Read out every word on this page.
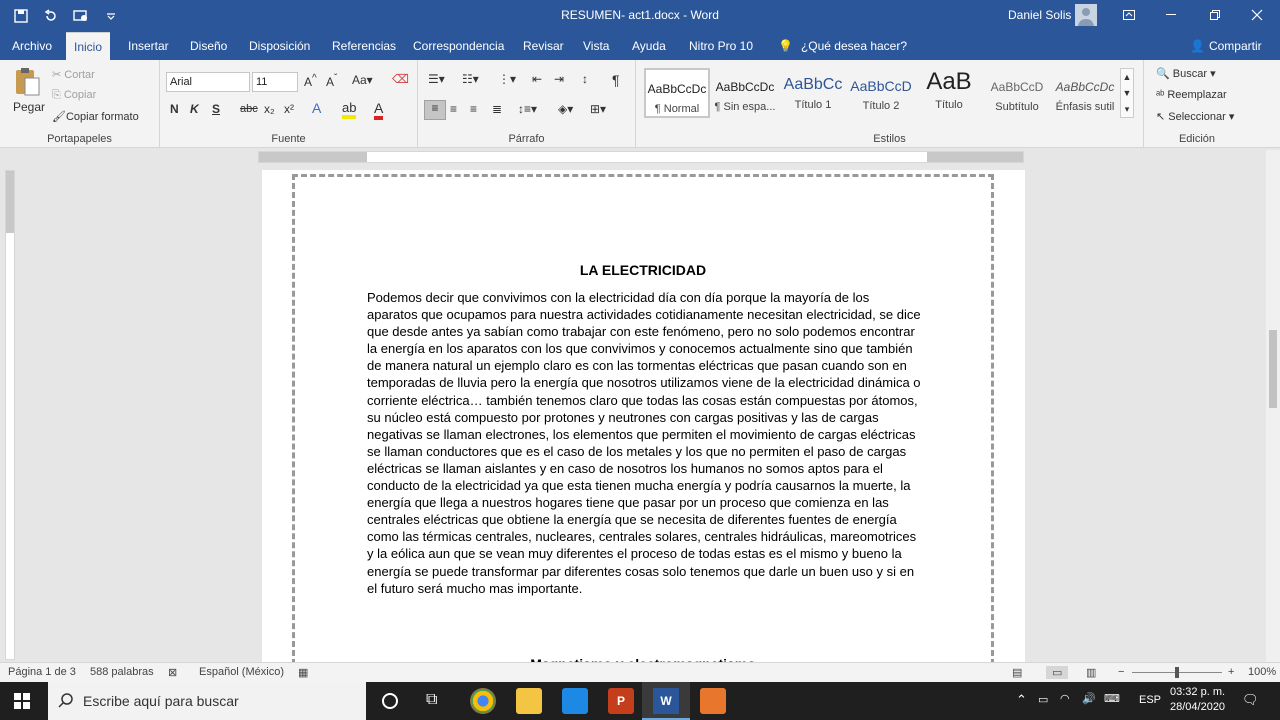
RESUMEN- act1.docx - Word	Daniel Solis
Archivo	Inicio	Insertar	Diseño	Disposición	Referencias	Correspondencia	Revisar	Vista	Ayuda	Nitro Pro 10	💡 ¿Qué desea hacer?	👤 Compartir
Pegar
✂ Cortar
⎘ Copiar
🖌Copiar formato
Portapapeles
Arial	11	A^ $A^ˇ$ Aa▾ ⌫
N K S abc x₂ x² A ab A
Fuente
☰▾ ☷▾ ⋮▾ ⇤ ⇥ ↕ ¶
≡ ≡ ≡ ≣ ↕≡▾ ◈▾ ⊞▾
Párrafo
AaBbCcDc
¶ Normal
AaBbCcDc
¶ Sin espa...
AaBbCc
Título 1
AaBbCcD
Título 2
AaB
Título
AaBbCcD
Subtítulo
AaBbCcDc
Énfasis sutil
▲
▼
▾
Estilos
🔍 Buscar ▾
ᵃᵇ Reemplazar
↖ Seleccionar ▾
Edición
LA ELECTRICIDAD
Podemos decir que convivimos con la electricidad día con día porque la mayoría de los aparatos que ocupamos para nuestra actividades cotidianamente necesitan electricidad, se dice que desde antes ya sabían como trabajar con este fenómeno, pero no solo podemos encontrar la energía en los aparatos con los que convivimos y conocemos actualmente sino que también de manera natural un ejemplo claro es con las tormentas eléctricas que pasan cuando son en temporadas de lluvia pero la energía que nosotros utilizamos viene de la electricidad dinámica o corriente eléctrica… también tenemos claro que todas las cosas están compuestas por átomos, su núcleo está compuesto por protones y neutrones con cargas positivas y las de cargas negativas se llaman electrones, los elementos que permiten el movimiento de cargas eléctricas se llaman conductores que es el caso de los metales y los que no permiten el paso de cargas eléctricas se llaman aislantes y en caso de nosotros los humanos no somos aptos para el conducto de la electricidad ya que esta tienen mucha energía y podría causarnos la muerte, la energía que llega a nuestros hogares tiene que pasar por un proceso que comienza en las centrales eléctricas que obtiene la energía que se necesita de diferentes fuentes de energía como las térmicas centrales, nucleares, centrales solares, centrales hidráulicas, mareomotrices y la eólica aun que se vean muy diferentes el proceso de todas estas es el mismo y bueno la energía se puede transformar par diferentes cosas solo tenemos que darle un buen uso y si en el futuro será mucho mas importante.
Página 1 de 3 588 palabras ⊠ Español (México) ▦	▤	▭	▥ −	+ 100%
Escribe aquí para buscar	⧉	P	W	⌃ ▭ ◠ 🔊 ⌨ ESP
03:32 p. m.
28/04/2020 🗨
